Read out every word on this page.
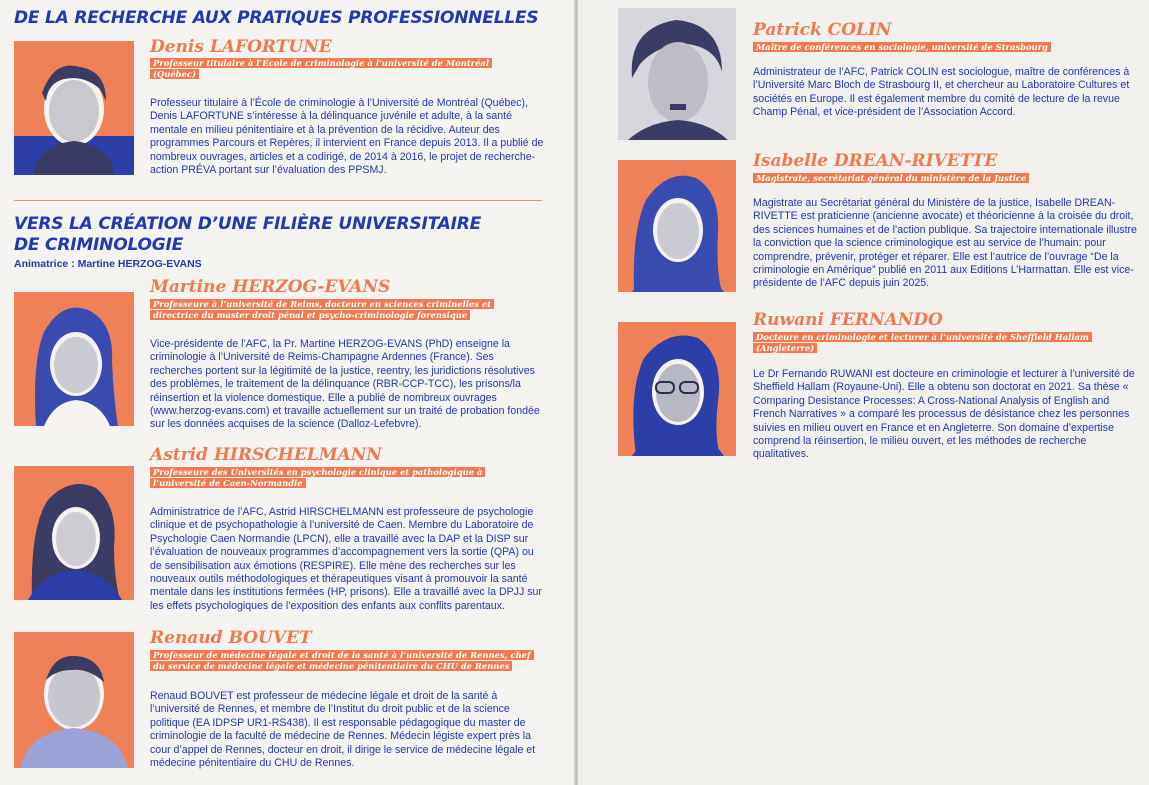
DE LA RECHERCHE AUX PRATIQUES PROFESSIONNELLES
Denis LAFORTUNE
Professeur titulaire à l’École de criminologie à l’université de Montréal (Québec)

Professeur titulaire à l’École de criminologie à l’Université de Montréal (Québec), Denis LAFORTUNE s’intéresse à la délinquance juvénile et adulte, à la santé mentale en milieu pénitentiaire et à la prévention de la récidive. Auteur des programmes Parcours et Repères, il intervient en France depuis 2013. Il a publié de nombreux ouvrages, articles et a codirigé, de 2014 à 2016, le projet de recherche-action PRÉVA portant sur l’évaluation des PPSMJ.

VERS LA CRÉATION D’UNE FILIÈRE UNIVERSITAIRE
DE CRIMINOLOGIE
Animatrice : Martine HERZOG-EVANS
Martine HERZOG-EVANS
Professeure à l’université de Reims, docteure en sciences criminelles et directrice du master droit pénal et psycho-criminologie forensique

Vice-présidente de l’AFC, la Pr. Martine HERZOG-EVANS (PhD) enseigne la criminologie à l’Université de Reims-Champagne Ardennes (France). Ses recherches portent sur la légitimité de la justice, reentry, les juridictions résolutives des problèmes, le traitement de la délinquance (RBR-CCP-TCC), les prisons/la réinsertion et la violence domestique. Elle a publié de nombreux ouvrages (www.herzog-evans.com) et travaille actuellement sur un traité de probation fondée sur les données acquises de la science (Dalloz-Lefebvre).

Astrid HIRSCHELMANN
Professeure des Universités en psychologie clinique et pathologique à l’université de Caen-Normandie

Administratrice de l’AFC, Astrid HIRSCHELMANN est professeure de psychologie clinique et de psychopathologie à l’université de Caen. Membre du Laboratoire de Psychologie Caen Normandie (LPCN), elle a travaillé avec la DAP et la DISP sur l’évaluation de nouveaux programmes d’accompagnement vers la sortie (QPA) ou de sensibilisation aux émotions (RESPIRE). Elle mène des recherches sur les nouveaux outils méthodologiques et thérapeutiques visant à promouvoir la santé mentale dans les institutions fermées (HP, prisons). Elle a travaillé avec la DPJJ sur les effets psychologiques de l’exposition des enfants aux conflits parentaux.

Renaud BOUVET
Professeur de médecine légale et droit de la santé à l’université de Rennes, chef du service de médecine légale et médecine pénitentiaire du CHU de Rennes

Renaud BOUVET est professeur de médecine légale et droit de la santé à l’université de Rennes, et membre de l’Institut du droit public et de la science politique (EA IDPSP UR1-RS438). Il est responsable pédagogique du master de criminologie de la faculté de médecine de Rennes. Médecin légiste expert près la cour d’appel de Rennes, docteur en droit, il dirige le service de médecine légale et médecine pénitentiaire du CHU de Rennes.

Patrick COLIN
Maître de conférences en sociologie, université de Strasbourg

Administrateur de l’AFC, Patrick COLIN est sociologue, maître de conférences à l’Université Marc Bloch de Strasbourg II, et chercheur au Laboratoire Cultures et sociétés en Europe. Il est également membre du comité de lecture de la revue Champ Pénal, et vice-président de l’Association Accord.

Isabelle DREAN-RIVETTE
Magistrate, secrétariat général du ministère de la Justice

Magistrate au Secrétariat général du Ministère de la justice, Isabelle DREAN-RIVETTE est praticienne (ancienne avocate) et théoricienne à la croisée du droit, des sciences humaines et de l’action publique. Sa trajectoire internationale illustre la conviction que la science criminologique est au service de l’humain: pour comprendre, prévenir, protéger et réparer. Elle est l’autrice de l’ouvrage “De la criminologie en Amérique” publié en 2011 aux Editions L’Harmattan. Elle est vice-présidente de l’AFC depuis juin 2025.

Ruwani FERNANDO
Docteure en criminologie et lecturer à l’université de Sheffield Hallam (Angleterre)

Le Dr Fernando RUWANI est docteure en criminologie et lecturer à l’université de Sheffield Hallam (Royaune-Uni). Elle a obtenu son doctorat en 2021. Sa thèse « Comparing Desistance Processes: A Cross-National Analysis of English and French Narratives » a comparé les processus de désistance chez les personnes suivies en milieu ouvert en France et en Angleterre. Son domaine d’expertise comprend la réinsertion, le milieu ouvert, et les méthodes de recherche qualitatives.
